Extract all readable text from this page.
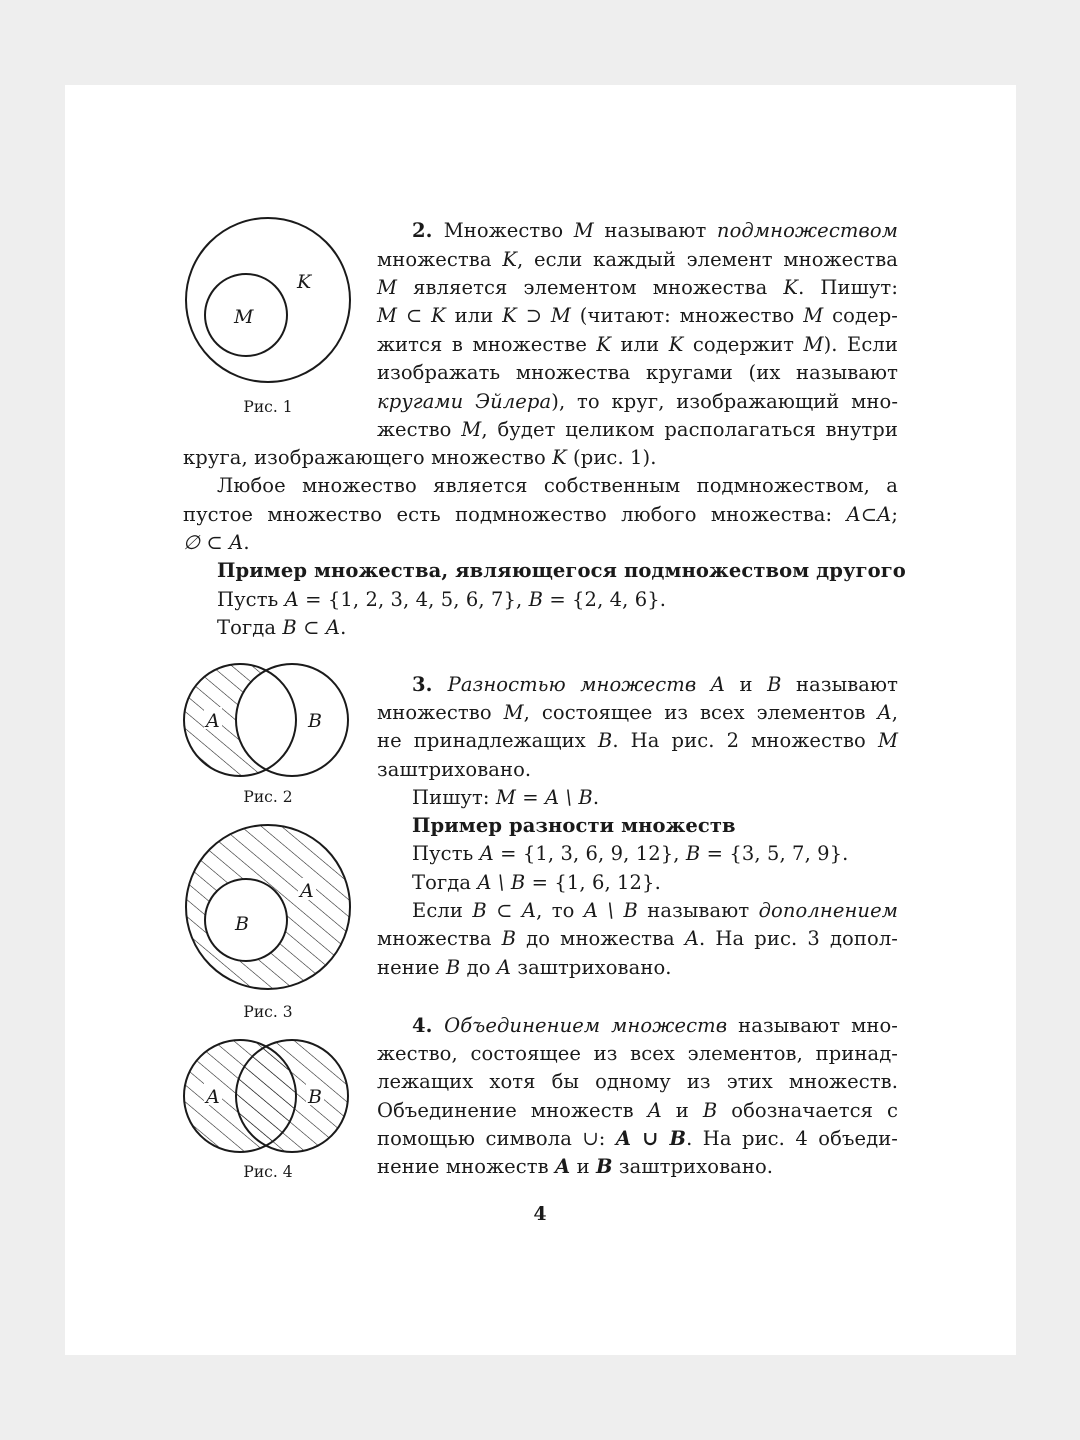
K
M
Рис. 1
2. Множество M называют подмножеством
множества K, если каждый элемент множества
M является элементом множества K. Пишут:
M ⊂ K или K ⊃ M (читают: множество M содер-
жится в множестве K или K содержит M). Если
изображать множества кругами (их называют
кругами Эйлера), то круг, изображающий мно-
жество M, будет целиком располагаться внутри
круга, изображающего множество K (рис. 1).
Любое множество является собственным подмножеством, а
пустое множество есть подмножество любого множества: A⊂A;
∅ ⊂ A.
Пример множества, являющегося подмножеством другого
Пусть A = {1, 2, 3, 4, 5, 6, 7}, B = {2, 4, 6}.
Тогда B ⊂ A.
A	B
Рис. 2
3. Разностью множеств A и B называют
множество M, состоящее из всех элементов A,
не принадлежащих B. На рис. 2 множество M
заштриховано.
Пишут: M = A \ B.
Пример разности множеств
Пусть A = {1, 3, 6, 9, 12}, B = {3, 5, 7, 9}.
Тогда A \ B = {1, 6, 12}.
Если B ⊂ A, то A \ B называют дополнением
множества B до множества A. На рис. 3 допол-
нение B до A заштриховано.
A
B
Рис. 3
A	B
Рис. 4
4. Объединением множеств называют мно-
жество, состоящее из всех элементов, принад-
лежащих хотя бы одному из этих множеств.
Объединение множеств A и B обозначается с
помощью символа ∪: A ∪ B. На рис. 4 объеди-
нение множеств A и B заштриховано.
4
